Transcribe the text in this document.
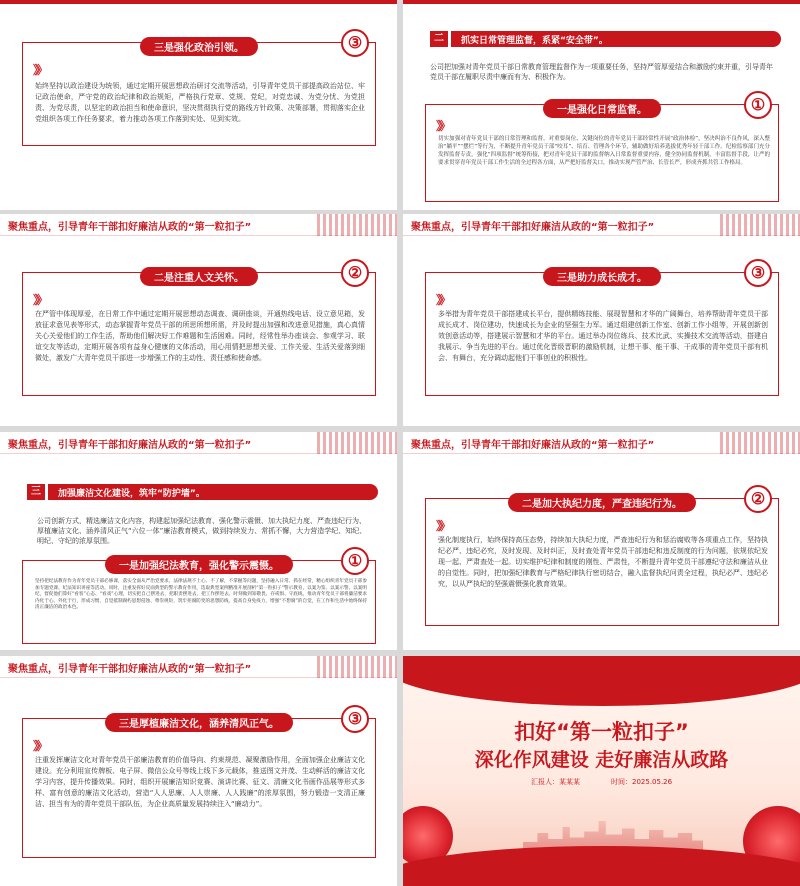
三是强化政治引领。	③
》》
始终坚持以政治建设为统领，通过定期开展思想政治研讨交流等活动，引导青年党员干部提高政治站位、牢记政治使命，严守党的政治纪律和政治规矩，严格执行党章、党规、党纪，对党忠诚、为党分忧、为党担责、为党尽责，以坚定的政治担当和使命意识，坚决贯彻执行党的路线方针政策、决策部署，贯彻落实企业党组织各项工作任务要求，着力推动各项工作落到实处、见到实效。
二	抓实日常管理监督，系紧“安全带”。
公司把加强对青年党员干部日常教育管理监督作为一项重要任务，坚持严管厚爱结合和激励约束并重，引导青年党员干部在履职尽责中廉而有为、积极作为。
一是强化日常监督。	①
》》
切实加强对青年党员干部的日常管理和监督，对重要岗位、关键岗位的青年党员干部经常性开展“政治体检”，坚决纠治不良作风，深入整治“躺平”“摆烂”等行为，不断提升青年党员干部“咬耳”、培育、管理各个环节，辅助做好培养选拔优秀年轻干部工作。纪检监察部门充分发挥监督专责，强化“四项监督”统筹衔接，把对青年党员干部的监督纳入日常监督重要内容，健全协同监督机制，丰富监督手段，让严的要求贯穿青年党员干部工作生活的全过程各方面，从严把好监督关口，推动实现严管严治、长管长严，形成齐抓共管工作格局。
聚焦重点，引导青年干部扣好廉洁从政的“第一粒扣子”
二是注重人文关怀。	②
》》
在严管中体现厚爱，在日常工作中通过定期开展思想动态调查、调研座谈，开通热线电话、设立意见箱，发放征求意见表等形式，动态掌握青年党员干部的所思所想所需，并及时提出加强和改进意见措施，真心真情关心关爱他们的工作生活，帮助他们解决好工作难题和生活困难。同时，经常性举办座谈会、参观学习、联谊交友等活动，定期开展各项有益身心健康的文体活动，用心用情把思想关爱、工作关爱、生活关爱落到细微处，激发广大青年党员干部进一步增强工作的主动性、责任感和使命感。
聚焦重点，引导青年干部扣好廉洁从政的“第一粒扣子”
三是助力成长成才。	③
》》
多举措为青年党员干部搭建成长平台，提供精练技能、展现智慧和才华的广阔舞台，培养帮助青年党员干部成长成才、岗位建功，快速成长为企业的坚强生力军。通过组建创新工作室、创新工作小组等，开展创新创效创意活动等，搭建展示智慧和才华的平台。通过举办岗位练兵、技术比武、实操技术交流等活动，搭建自我展示、争当先进的平台。通过优化晋级晋职的激励机制，让想干事、能干事、干成事的青年党员干部有机会、有舞台，充分调动起他们干事创业的积极性。
聚焦重点，引导青年干部扣好廉洁从政的“第一粒扣子”
三	加强廉洁文化建设，筑牢“防护墙”。
公司创新方式，精选廉洁文化内容，构建起加强纪法教育、强化警示震慑、加大执纪力度、严查违纪行为、厚植廉洁文化、涵养清风正气“六位一体”廉洁教育模式，做到持续发力、常抓不懈，大力营造学纪、知纪、明纪、守纪的浓厚氛围。
一是加强纪法教育，强化警示震慑。	①
坚持把纪法教育作为青年党员干部必修课，落实全面从严治党要求，法律法规不上心、不了解，不掌握等问题，坚持融入日常、抓在经常，精心组织青年党员干部参加专题党课、纪法知识讲座等活动。同时，注重发挥好反面典型的警示教育作用，选取典型案例精准开展剖析“第一粒扣子”警示教育，以案为鉴、以案示警、以案明纪，督促他们算好“看客”心态、“看戏”心理，切实把自己摆进去，把职责摆进去，把工作摆进去，时刻做到知敬畏、存戒惧、守底线，推动青年党员干部将廉洁要求内化于心、外化于行，形成习惯，自觉抵制腐朽思想侵蚀、尊崇规矩，筑牢拒腐防变的思想防线，提高自身免疫力，增强“不想腐”的自觉，在工作和生活中始终保持清正廉洁的政治本色。
聚焦重点，引导青年干部扣好廉洁从政的“第一粒扣子”
二是加大执纪力度，严查违纪行为。	②
》》
强化制度执行，始终保持高压态势，持续加大执纪力度，严查违纪行为和惩治腐败等各项重点工作，坚持执纪必严、违纪必究，及时发现、及时纠正，及时查处青年党员干部违纪和违反制度的行为问题，依规依纪发现一起、严肃查处一起。切实维护纪律和制度的刚性、严肃性，不断提升青年党员干部遵纪守法和廉洁从业的自觉性。同时，把加强纪律教育与严格纪律执行密切结合，融入监督执纪问责全过程，执纪必严、违纪必究，以从严执纪的坚强震慑强化教育效果。
聚焦重点，引导青年干部扣好廉洁从政的“第一粒扣子”
三是厚植廉洁文化，涵养清风正气。	③
》》
注重发挥廉洁文化对青年党员干部廉洁教育的价值导向、约束规范、凝聚激励作用，全面加强企业廉洁文化建设。充分利用宣传牌板、电子屏、微信公众号等线上线下多元载体，推送图文并茂、生动鲜活的廉洁文化学习内容，提升传播效果。同时，组织开展廉洁知识竞赛、演讲比赛、征文、清廉文化书画作品展等形式多样、富有创意的廉洁文化活动，营造“人人思廉、人人崇廉、人人践廉”的浓厚氛围，努力锻造一支清正廉洁、担当有为的青年党员干部队伍，为企业高质量发展持续注入“廉动力”。
扣好“第一粒扣子”
深化作风建设 走好廉洁从政路
汇报人：某某某	时间：2025.05.26
